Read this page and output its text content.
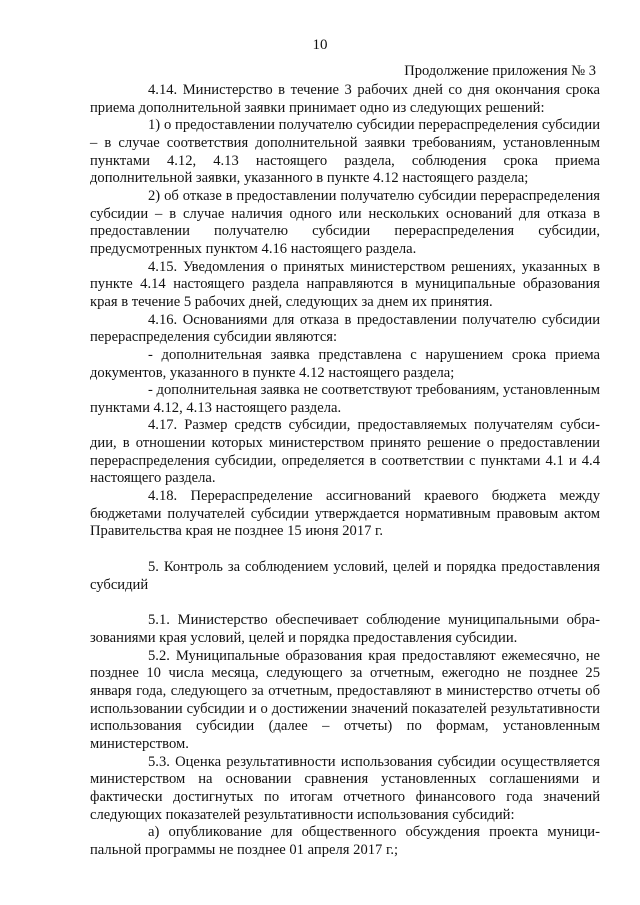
10
Продолжение приложения № 3

4.14. Министерство в течение 3 рабочих дней со дня окончания срока приема дополнительной заявки принимает одно из следующих решений:

1) о предоставлении получателю субсидии перераспределения субсидии – в случае соответствия дополнительной заявки требованиям, установленным пунктами 4.12, 4.13 настоящего раздела, соблюдения срока приема дополнительной заявки, указанного в пункте 4.12 настоящего раздела;

2) об отказе в предоставлении получателю субсидии перераспределения субсидии – в случае наличия одного или нескольких оснований для отказа в предоставлении получателю субсидии перераспределения субсидии, предусмотренных пунктом 4.16 настоящего раздела.

4.15. Уведомления о принятых министерством решениях, указанных в пункте 4.14 настоящего раздела направляются в муниципальные образования края в течение 5 рабочих дней, следующих за днем их принятия.

4.16. Основаниями для отказа в предоставлении получателю субсидии перераспределения субсидии являются:

- дополнительная заявка представлена с нарушением срока приема документов, указанного в пункте 4.12 настоящего раздела;

- дополнительная заявка не соответствуют требованиям, установленным пунктами 4.12, 4.13 настоящего раздела.

4.17. Размер средств субсидии, предоставляемых получателям субсидии, в отношении которых министерством принято решение о предоставлении перераспределения субсидии, определяется в соответствии с пунктами 4.1 и 4.4 настоящего раздела.

4.18. Перераспределение ассигнований краевого бюджета между бюджетами получателей субсидии утверждается нормативным правовым актом Правительства края не позднее 15 июня 2017 г.

5. Контроль за соблюдением условий, целей и порядка предоставления субсидий

5.1. Министерство обеспечивает соблюдение муниципальными образованиями края условий, целей и порядка предоставления субсидии.

5.2. Муниципальные образования края предоставляют ежемесячно, не позднее 10 числа месяца, следующего за отчетным, ежегодно не позднее 25 января года, следующего за отчетным, предоставляют в министерство отчеты об использовании субсидии и о достижении значений показателей результативности использования субсидии (далее – отчеты) по формам, установленным министерством.

5.3. Оценка результативности использования субсидии осуществляется министерством на основании сравнения установленных соглашениями и фактически достигнутых по итогам отчетного финансового года значений следующих показателей результативности использования субсидий:

а) опубликование для общественного обсуждения проекта муниципальной программы не позднее 01 апреля 2017 г.;
